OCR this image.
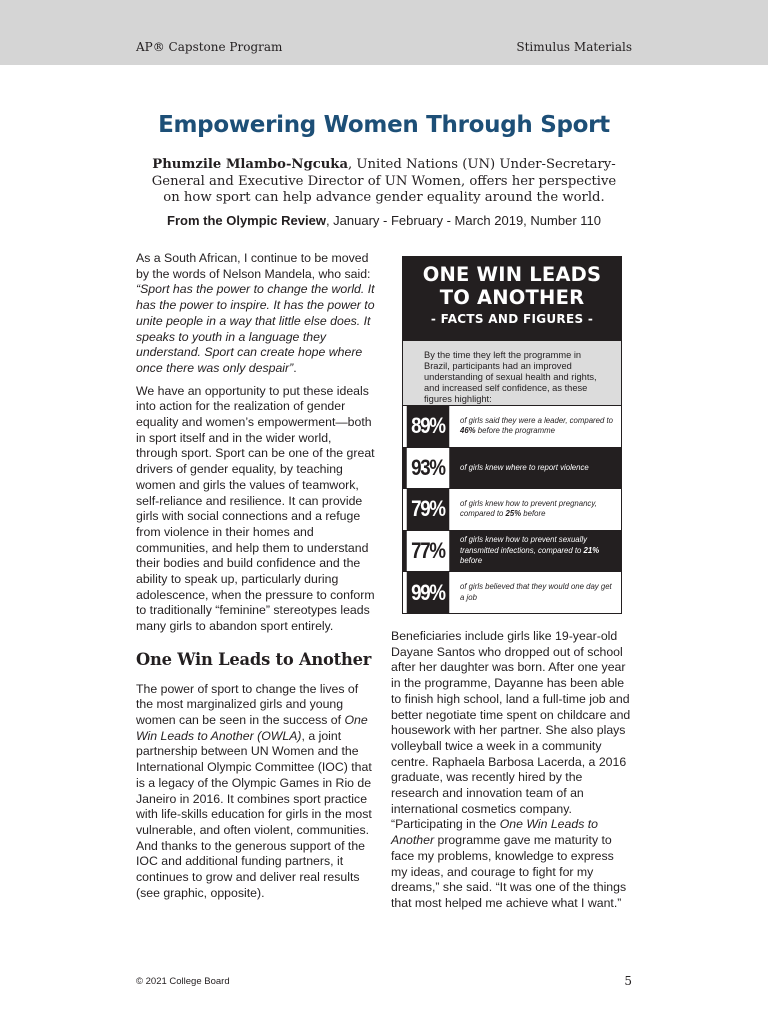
AP® Capstone Program	Stimulus Materials
Empowering Women Through Sport
Phumzile Mlambo-Ngcuka, United Nations (UN) Under-Secretary-General and Executive Director of UN Women, offers her perspective on how sport can help advance gender equality around the world.
From the Olympic Review, January - February - March 2019, Number 110

As a South African, I continue to be moved by the words of Nelson Mandela, who said: “Sport has the power to change the world. It has the power to inspire. It has the power to unite people in a way that little else does. It speaks to youth in a language they understand. Sport can create hope where once there was only despair”.

We have an opportunity to put these ideals into action for the realization of gender equality and women’s empowerment—both in sport itself and in the wider world, through sport. Sport can be one of the great drivers of gender equality, by teaching women and girls the values of teamwork, self-reliance and resilience. It can provide girls with social connections and a refuge from violence in their homes and communities, and help them to understand their bodies and build confidence and the ability to speak up, particularly during adolescence, when the pressure to conform to traditionally “feminine” stereotypes leads many girls to abandon sport entirely.

One Win Leads to Another

The power of sport to change the lives of the most marginalized girls and young women can be seen in the success of One Win Leads to Another (OWLA), a joint partnership between UN Women and the International Olympic Committee (IOC) that is a legacy of the Olympic Games in Rio de Janeiro in 2016. It combines sport practice with life-skills education for girls in the most vulnerable, and often violent, communities. And thanks to the generous support of the IOC and additional funding partners, it continues to grow and deliver real results (see graphic, opposite).

ONE WIN LEADS
TO ANOTHER
- FACTS AND FIGURES -
By the time they left the programme in Brazil, participants had an improved understanding of sexual health and rights, and increased self confidence, as these figures highlight:
89%	of girls said they were a leader, compared to 46% before the programme
93%	of girls knew where to report violence
79%	of girls knew how to prevent pregnancy, compared to 25% before
77%	of girls knew how to prevent sexually transmitted infections, compared to 21% before
99%	of girls believed that they would one day get a job

Beneficiaries include girls like 19-year-old Dayane Santos who dropped out of school after her daughter was born. After one year in the programme, Dayanne has been able to finish high school, land a full-time job and better negotiate time spent on childcare and housework with her partner. She also plays volleyball twice a week in a community centre. Raphaela Barbosa Lacerda, a 2016 graduate, was recently hired by the research and innovation team of an international cosmetics company. “Participating in the One Win Leads to Another programme gave me maturity to face my problems, knowledge to express my ideas, and courage to fight for my dreams,” she said. “It was one of the things that most helped me achieve what I want.”

© 2021 College Board	5
